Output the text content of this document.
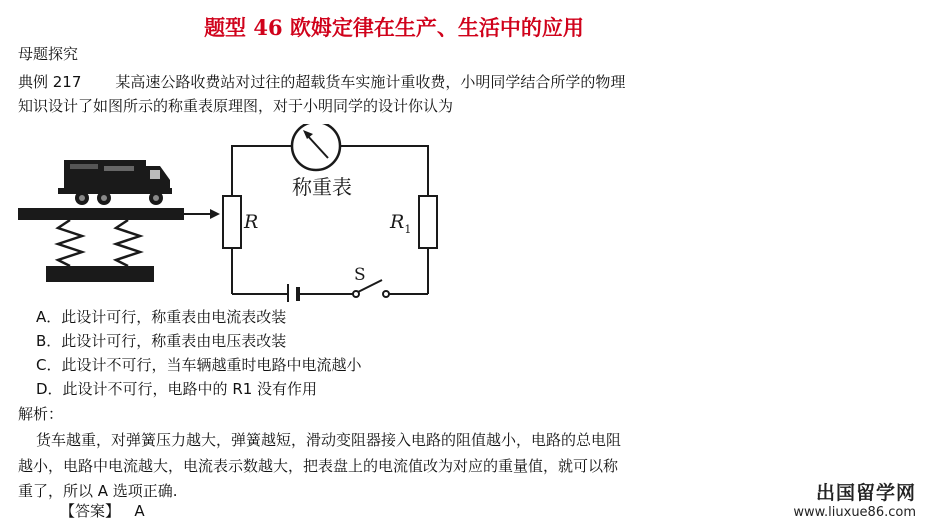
题型 46 欧姆定律在生产、生活中的应用
母题探究
典例 217 某高速公路收费站对过往的超载货车实施计重收费，小明同学结合所学的物理
知识设计了如图所示的称重表原理图，对于小明同学的设计你认为
称重表
R	$R_1$
S
A．此设计可行，称重表由电流表改装
B．此设计可行，称重表由电压表改装
C．此设计不可行，当车辆越重时电路中电流越小
D．此设计不可行，电路中的 R1 没有作用
解析：
货车越重，对弹簧压力越大，弹簧越短，滑动变阻器接入电路的阻值越小，电路的总电阻
越小，电路中电流越大，电流表示数越大，把表盘上的电流值改为对应的重量值，就可以称
重了，所以 A 选项正确.
【答案】 A
出国留学网
www.liuxue86.com
